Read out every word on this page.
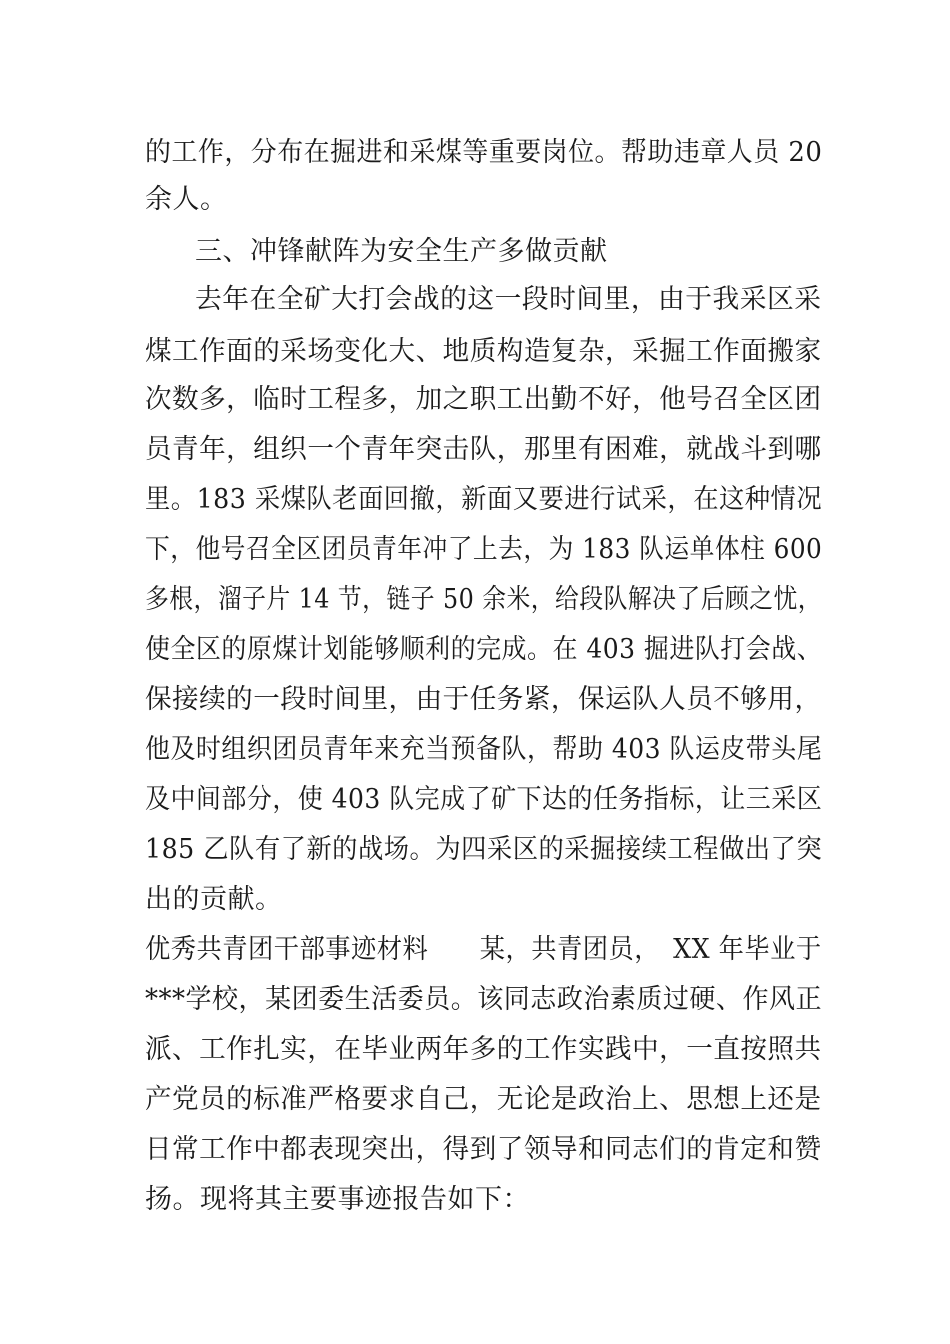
的工作，分布在掘进和采煤等重要岗位。帮助违章人员 20
余人。
三、冲锋献阵为安全生产多做贡献
去年在全矿大打会战的这一段时间里，由于我采区采
煤工作面的采场变化大、地质构造复杂，采掘工作面搬家
次数多，临时工程多，加之职工出勤不好，他号召全区团
员青年，组织一个青年突击队，那里有困难，就战斗到哪
里。183 采煤队老面回撤，新面又要进行试采，在这种情况
下，他号召全区团员青年冲了上去，为 183 队运单体柱 600
多根，溜子片 14 节，链子 50 余米，给段队解决了后顾之忧，
使全区的原煤计划能够顺利的完成。在 403 掘进队打会战、
保接续的一段时间里，由于任务紧，保运队人员不够用，
他及时组织团员青年来充当预备队，帮助 403 队运皮带头尾
及中间部分，使 403 队完成了矿下达的任务指标，让三采区
185 乙队有了新的战场。为四采区的采掘接续工程做出了突
出的贡献。
优秀共青团干部事迹材料　　某，共青团员，　XX 年毕业于
***学校，某团委生活委员。该同志政治素质过硬、作风正
派、工作扎实，在毕业两年多的工作实践中，一直按照共
产党员的标准严格要求自己，无论是政治上、思想上还是
日常工作中都表现突出，得到了领导和同志们的肯定和赞
扬。现将其主要事迹报告如下：
